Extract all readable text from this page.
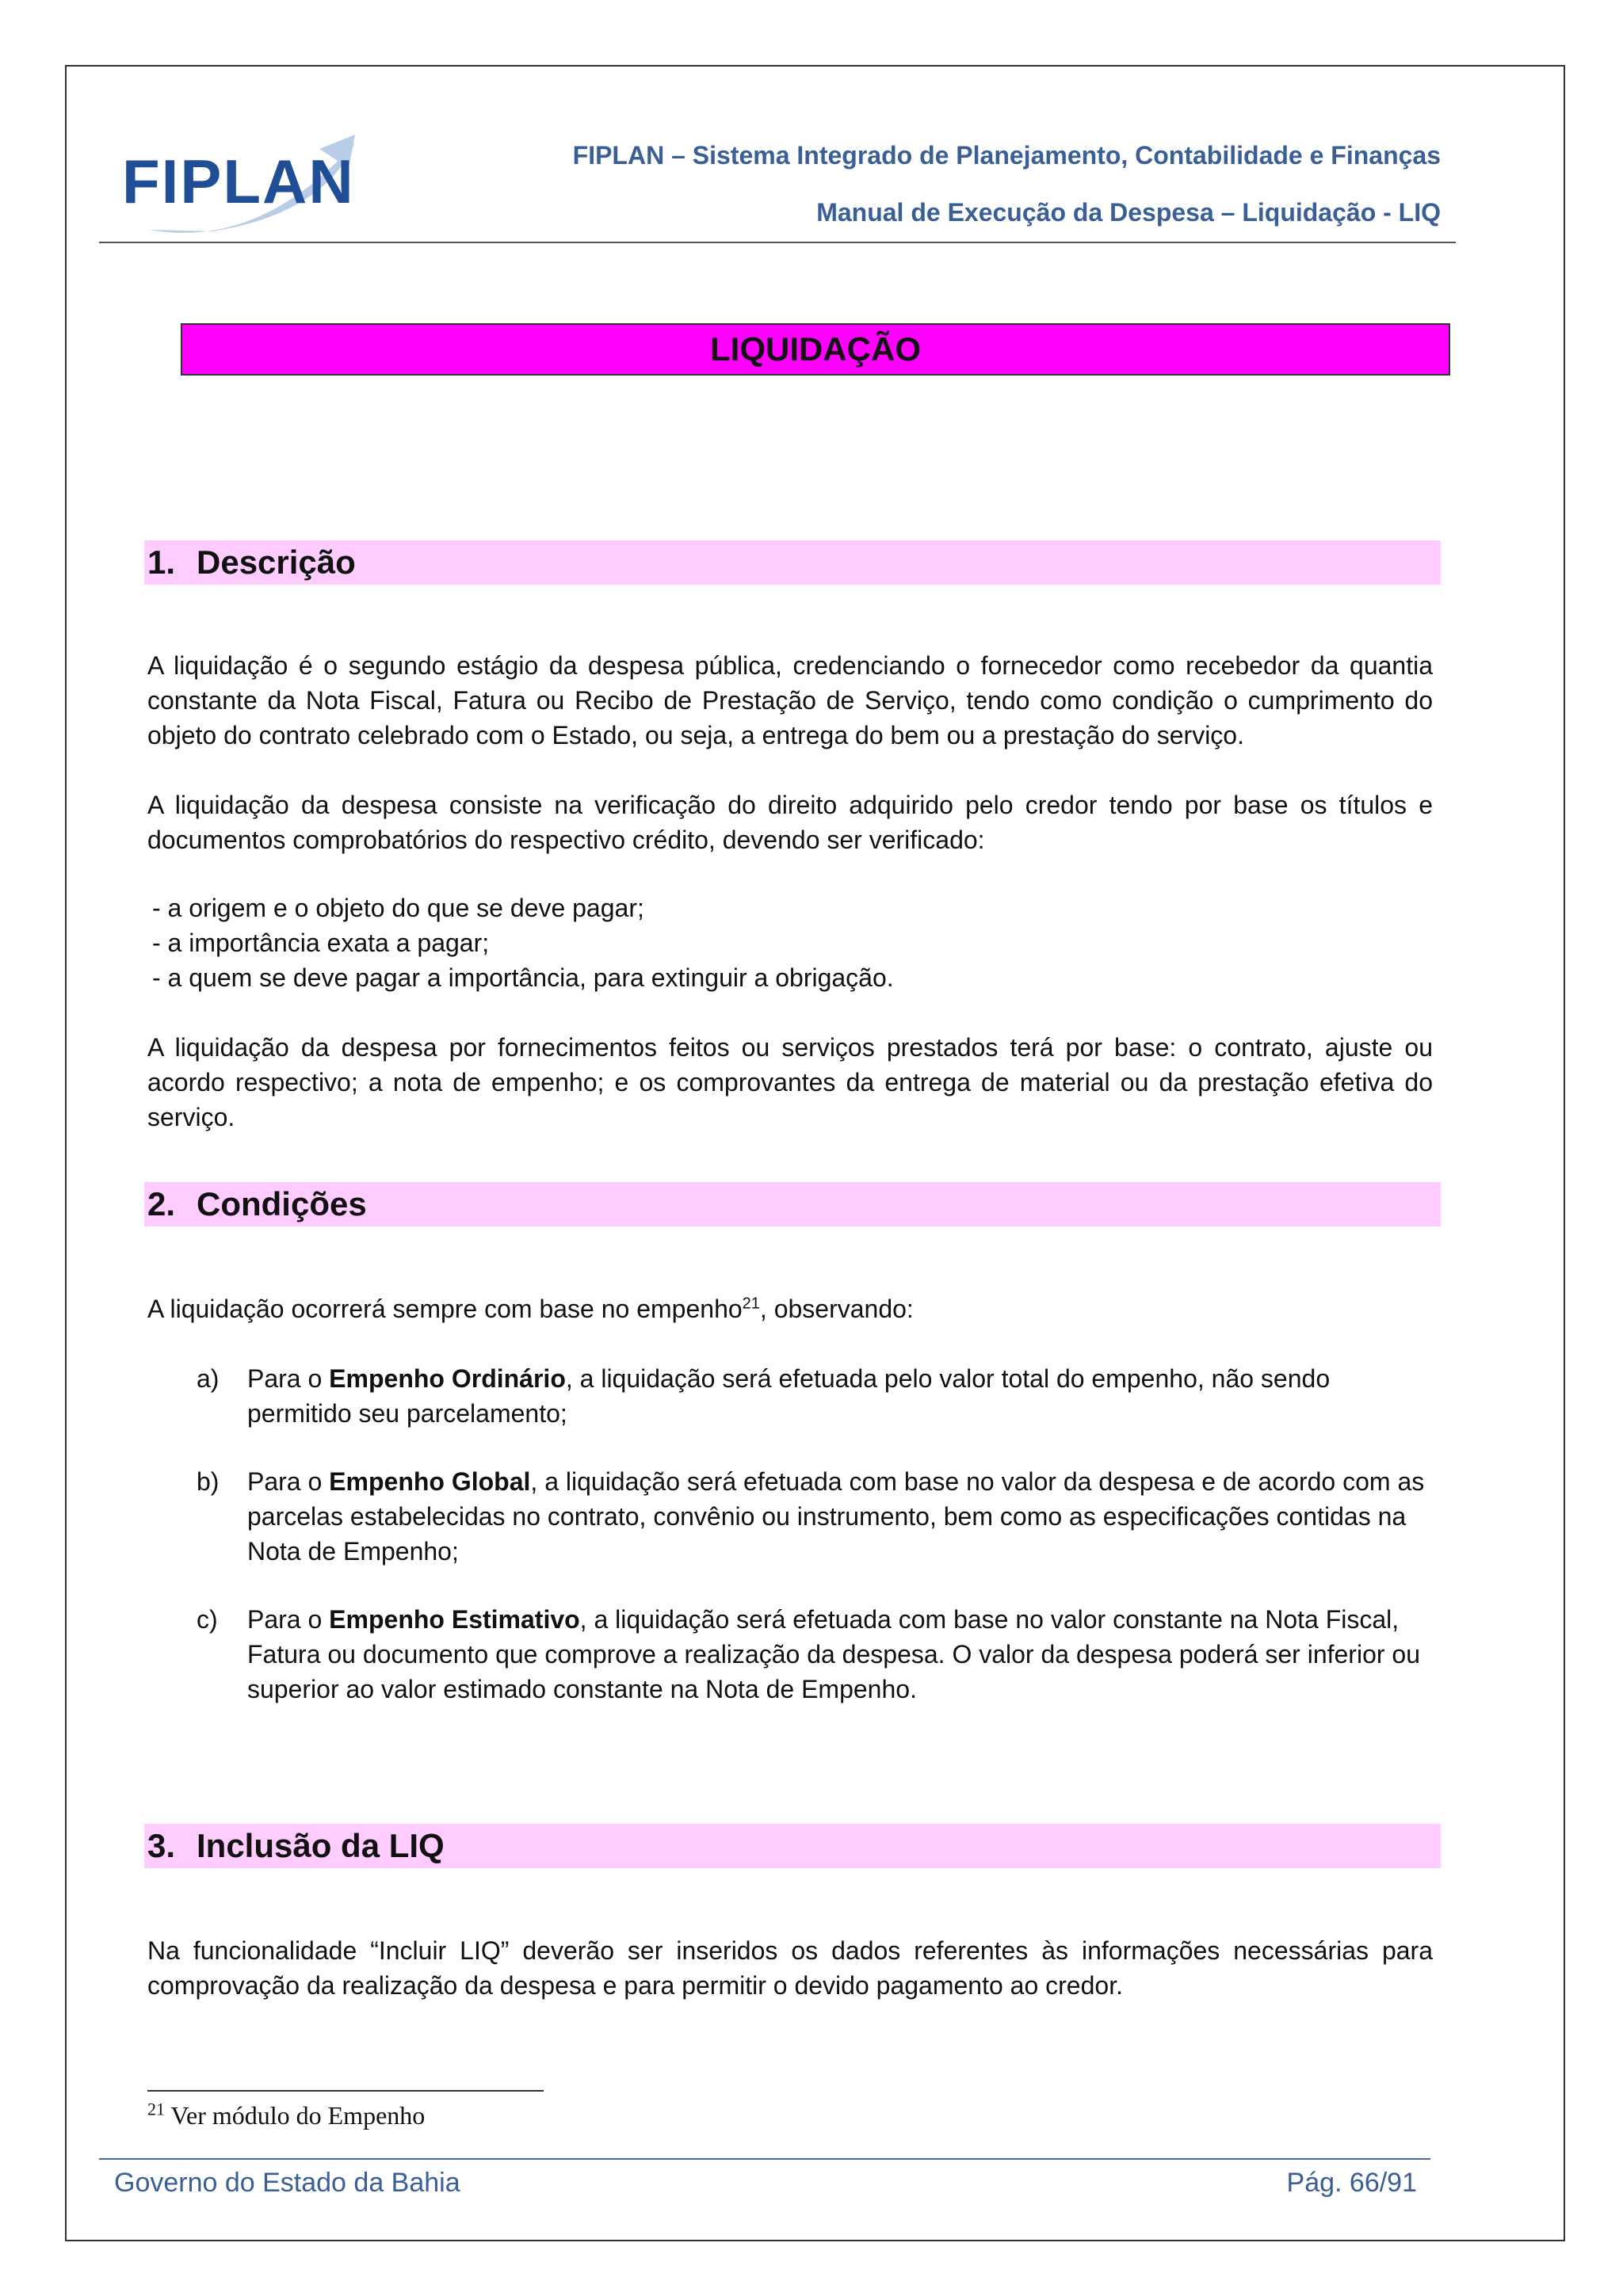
FIPLAN	FIPLAN – Sistema Integrado de Planejamento, Contabilidade e Finanças
Manual de Execução da Despesa – Liquidação - LIQ
LIQUIDAÇÃO
1. Descrição

A liquidação é o segundo estágio da despesa pública, credenciando o fornecedor como recebedor da quantia constante da Nota Fiscal, Fatura ou Recibo de Prestação de Serviço, tendo como condição o cumprimento do objeto do contrato celebrado com o Estado, ou seja, a entrega do bem ou a prestação do serviço.

A liquidação da despesa consiste na verificação do direito adquirido pelo credor tendo por base os títulos e documentos comprobatórios do respectivo crédito, devendo ser verificado:

- a origem e o objeto do que se deve pagar;
- a importância exata a pagar;
- a quem se deve pagar a importância, para extinguir a obrigação.

A liquidação da despesa por fornecimentos feitos ou serviços prestados terá por base: o contrato, ajuste ou acordo respectivo; a nota de empenho; e os comprovantes da entrega de material ou da prestação efetiva do serviço.

2. Condições

A liquidação ocorrerá sempre com base no empenho$^{21}$, observando:

a) Para o Empenho Ordinário, a liquidação será efetuada pelo valor total do empenho, não sendo permitido seu parcelamento;
b) Para o Empenho Global, a liquidação será efetuada com base no valor da despesa e de acordo com as parcelas estabelecidas no contrato, convênio ou instrumento, bem como as especificações contidas na Nota de Empenho;
c) Para o Empenho Estimativo, a liquidação será efetuada com base no valor constante na Nota Fiscal, Fatura ou documento que comprove a realização da despesa. O valor da despesa poderá ser inferior ou superior ao valor estimado constante na Nota de Empenho.
3. Inclusão da LIQ

Na funcionalidade “Incluir LIQ” deverão ser inseridos os dados referentes às informações necessárias para comprovação da realização da despesa e para permitir o devido pagamento ao credor.

$^{21}$ Ver módulo do Empenho
Governo do Estado da Bahia	Pág. 66/91
